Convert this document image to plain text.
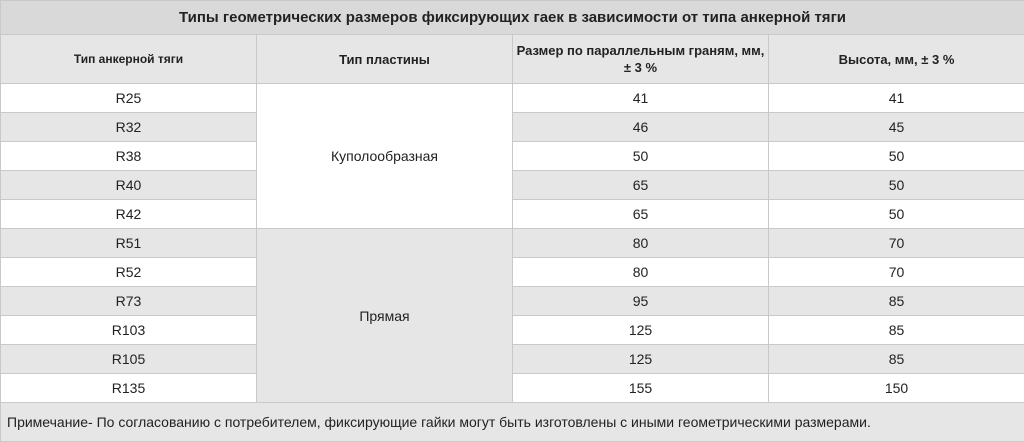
Типы геометрических размеров фиксирующих гаек в зависимости от типа анкерной тяги			
Тип анкерной тяги	Тип пластины	Размер по параллельным граням, мм, ± 3 %	Высота, мм, ± 3 %
R25	Куполообразная	41	41
R32		46	45
R38		50	50
R40		65	50
R42		65	50
R51	Прямая	80	70
R52		80	70
R73		95	85
R103		125	85
R105		125	85
R135		155	150
Примечание- По согласованию с потребителем, фиксирующие гайки могут быть изготовлены с иными геометрическими размерами.			
